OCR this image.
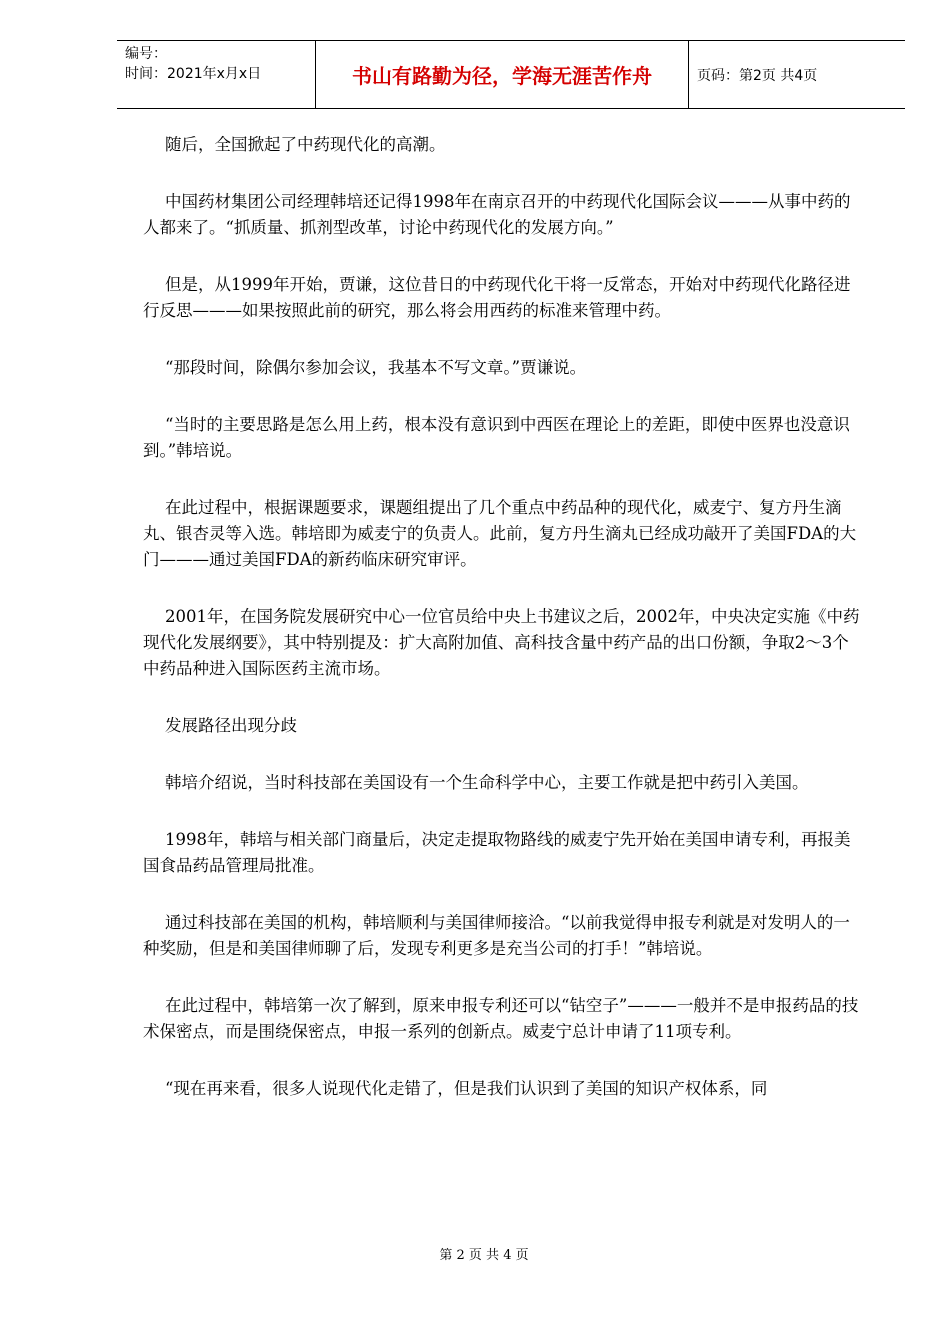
编号：
时间：2021年x月x日	书山有路勤为径，学海无涯苦作舟	页码：第2页 共4页

随后，全国掀起了中药现代化的高潮。

中国药材集团公司经理韩培还记得1998年在南京召开的中药现代化国际会议———从事中药的人都来了。“抓质量、抓剂型改革，讨论中药现代化的发展方向。”

但是，从1999年开始，贾谦，这位昔日的中药现代化干将一反常态，开始对中药现代化路径进行反思———如果按照此前的研究，那么将会用西药的标准来管理中药。

“那段时间，除偶尔参加会议，我基本不写文章。”贾谦说。

“当时的主要思路是怎么用上药，根本没有意识到中西医在理论上的差距，即使中医界也没意识到。”韩培说。

在此过程中，根据课题要求，课题组提出了几个重点中药品种的现代化，威麦宁、复方丹生滴丸、银杏灵等入选。韩培即为威麦宁的负责人。此前，复方丹生滴丸已经成功敲开了美国FDA的大门———通过美国FDA的新药临床研究审评。

2001年，在国务院发展研究中心一位官员给中央上书建议之后，2002年，中央决定实施《中药现代化发展纲要》，其中特别提及：扩大高附加值、高科技含量中药产品的出口份额，争取2～3个中药品种进入国际医药主流市场。

发展路径出现分歧

韩培介绍说，当时科技部在美国设有一个生命科学中心，主要工作就是把中药引入美国。

1998年，韩培与相关部门商量后，决定走提取物路线的威麦宁先开始在美国申请专利，再报美国食品药品管理局批准。

通过科技部在美国的机构，韩培顺利与美国律师接洽。“以前我觉得申报专利就是对发明人的一种奖励，但是和美国律师聊了后，发现专利更多是充当公司的打手！”韩培说。

在此过程中，韩培第一次了解到，原来申报专利还可以“钻空子”———一般并不是申报药品的技术保密点，而是围绕保密点，申报一系列的创新点。威麦宁总计申请了11项专利。

“现在再来看，很多人说现代化走错了，但是我们认识到了美国的知识产权体系，同

第 2 页 共 4 页
